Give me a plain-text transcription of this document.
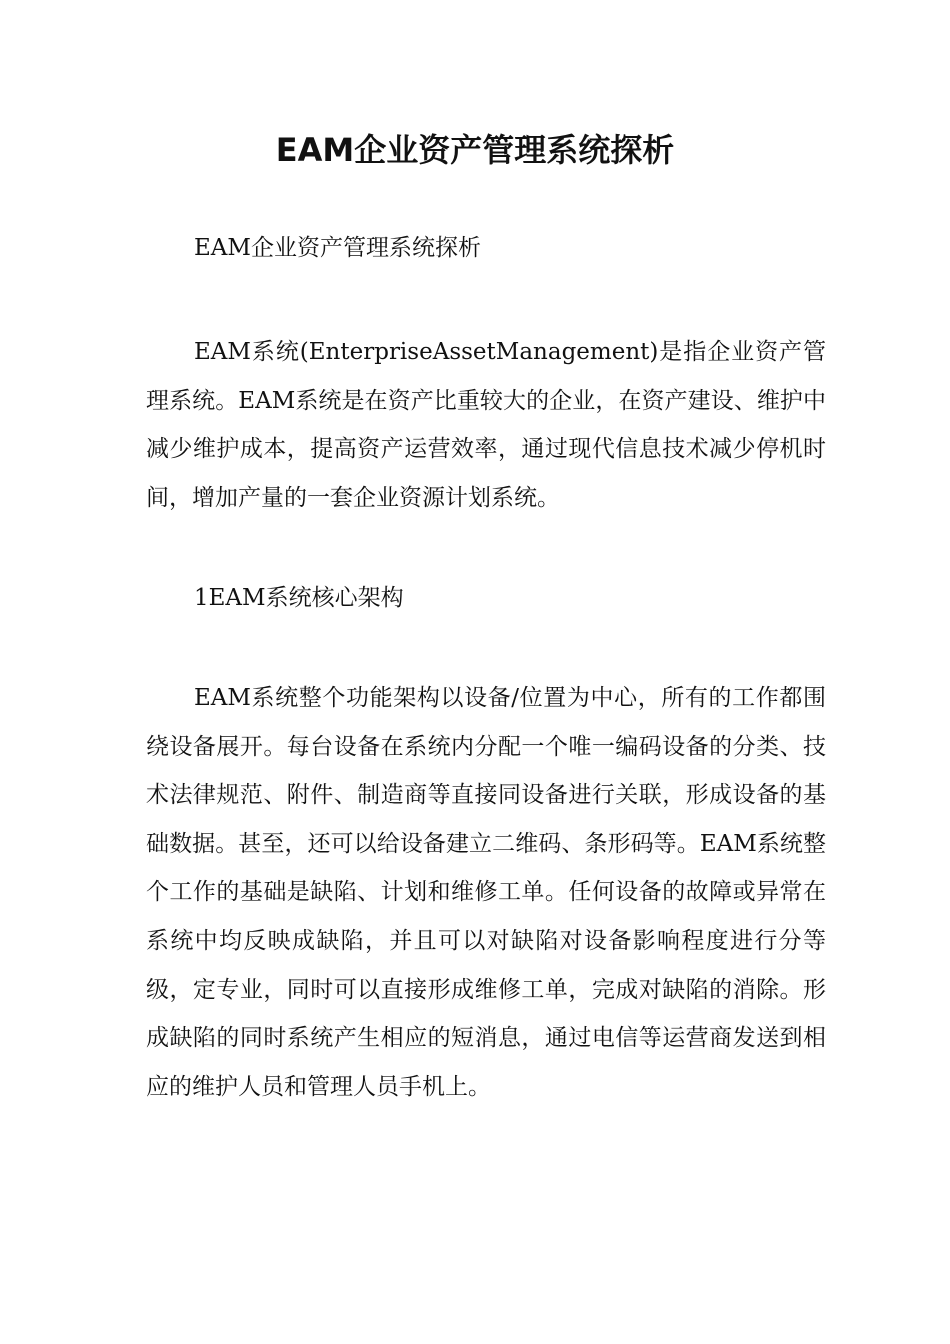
EAM企业资产管理系统探析

EAM企业资产管理系统探析

EAM系统(EnterpriseAssetManagement)是指企业资产管理系统。EAM系统是在资产比重较大的企业，在资产建设、维护中减少维护成本，提高资产运营效率，通过现代信息技术减少停机时间，增加产量的一套企业资源计划系统。

1EAM系统核心架构

EAM系统整个功能架构以设备/位置为中心，所有的工作都围绕设备展开。每台设备在系统内分配一个唯一编码设备的分类、技术法律规范、附件、制造商等直接同设备进行关联，形成设备的基础数据。甚至，还可以给设备建立二维码、条形码等。EAM系统整个工作的基础是缺陷、计划和维修工单。任何设备的故障或异常在系统中均反映成缺陷，并且可以对缺陷对设备影响程度进行分等级，定专业，同时可以直接形成维修工单，完成对缺陷的消除。形成缺陷的同时系统产生相应的短消息，通过电信等运营商发送到相应的维护人员和管理人员手机上。
